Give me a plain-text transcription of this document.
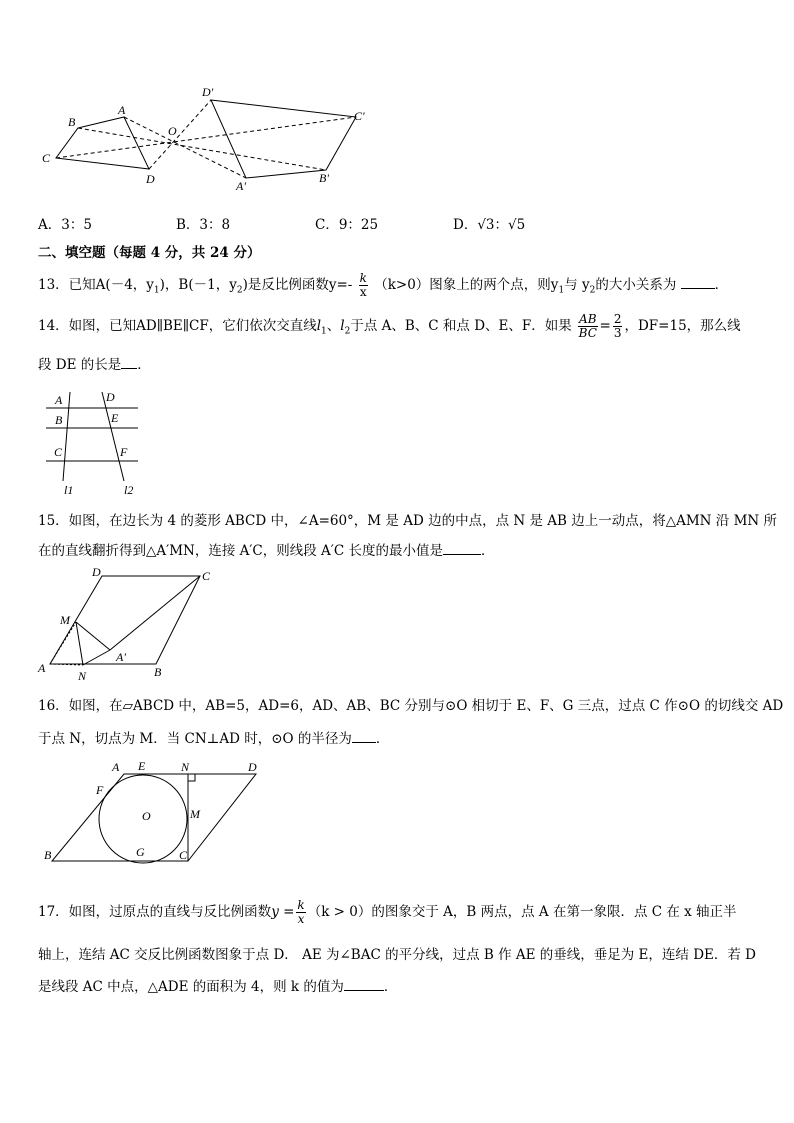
A
B
C
D
O
D'
C'
B'
A'
A．3：5	B．3：8	C．9：25	D．√3：√5
二、填空题（每题 4 分，共 24 分）
13．已知A(－4，$y_1$)，B(－1，$y_2$)是反比例函数$y=- \frac{k}{x} (k>0)$图象上的两个点，则$y_1$与 $y_2$的大小关系为	．
14．如图，已知AD∥BE∥CF，它们依次交直线$l_1$、$l_2$于点 A、B、C 和点 D、E、F．如果 $\frac{AB}{BC} = \frac{2}{3}$ ，DF=15，那么线
段 DE 的长是 ．
A	D
B	E
C	F
l1	l2
15．如图，在边长为 4 的菱形 ABCD 中，∠A=60°，M 是 AD 边的中点，点 N 是 AB 边上一动点，将△AMN 沿 MN 所
在的直线翻折得到△A′MN，连接 A′C，则线段 A′C 长度的最小值是	．
D	C
M
A'
A
N	B
16．如图，在▱ABCD 中，AB=5，AD=6，AD、AB、BC 分别与⊙O 相切于 E、F、G 三点，过点 C 作⊙O 的切线交 AD
于点 N，切点为 M．当 CN⊥AD 时，⊙O 的半径为 ．
A E	N	D
F
O	M
B	G	C
17．如图，过原点的直线与反比例函数$y = \frac{k}{x} (k > 0)$的图象交于 A，B 两点，点 A 在第一象限．点 C 在 x 轴正半
轴上，连结 AC 交反比例函数图象于点 D． AE 为∠BAC 的平分线，过点 B 作 AE 的垂线，垂足为 E，连结 DE．若 D
是线段 AC 中点，△ADE 的面积为 4，则 k 的值为	．
